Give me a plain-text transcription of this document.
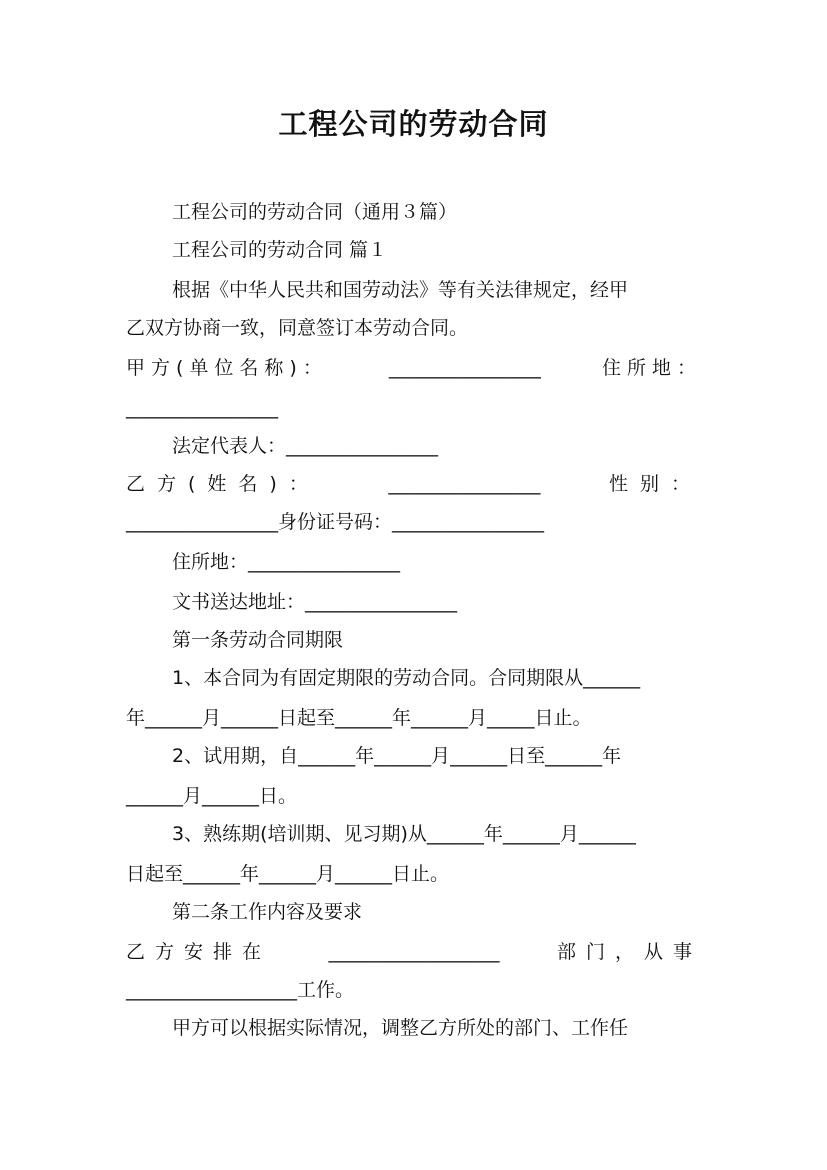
工程公司的劳动合同
工程公司的劳动合同（通用３篇）
工程公司的劳动合同 篇１
根据《中华人民共和国劳动法》等有关法律规定，经甲
乙双方协商一致，同意签订本劳动合同。
甲方(单位名称)：	________________	住所地：
________________
法定代表人：________________
乙方(姓名)：	________________	性别：
________________身份证号码：________________
住所地：________________
文书送达地址：________________
第一条劳动合同期限
1、本合同为有固定期限的劳动合同。合同期限从______
年______月______日起至______年______月_____日止。
2、试用期，自______年______月______日至______年
______月______日。
3、熟练期(培训期、见习期)从______年______月______
日起至______年______月______日止。
第二条工作内容及要求
乙方安排在	__________________	部门，从事
__________________工作。
甲方可以根据实际情况，调整乙方所处的部门、工作任
